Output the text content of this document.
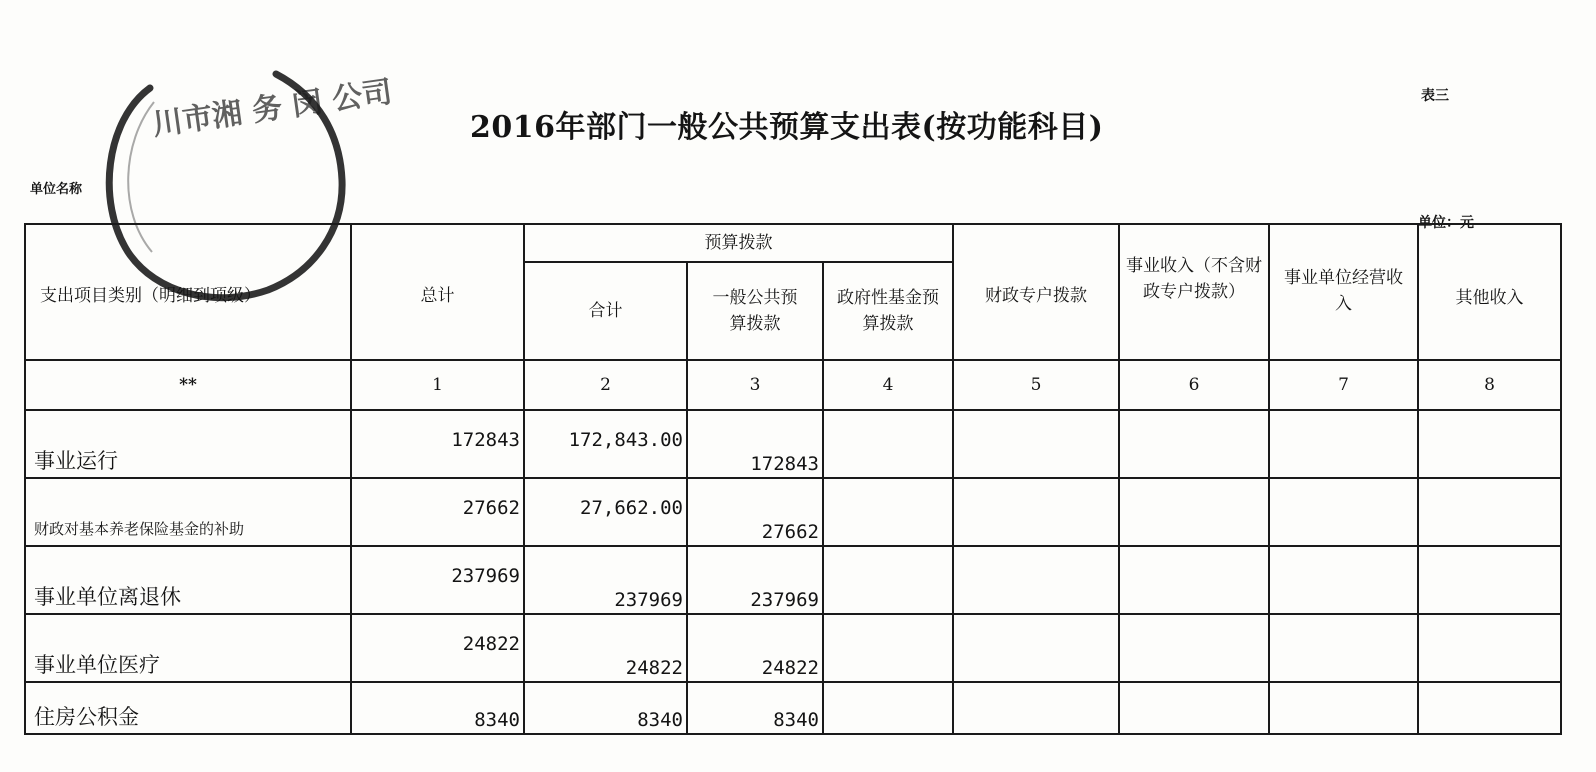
2016年部门一般公共预算支出表(按功能科目)
表三
单位名称
单位：元
川市湘 务 闵 公司
支出项目类别（明细到项级）	总计	预算拨款			财政专户拨款	事业收入（不含财政专户拨款）	事业单位经营收入	其他收入
		合计	一般公共预算拨款	政府性基金预算拨款				
**	1	2	3	4	5	6	7	8
事业运行	172843	172,843.00	172843					
财政对基本养老保险基金的补助	27662	27,662.00	27662					
事业单位离退休	237969	237969	237969					
事业单位医疗	24822	24822	24822					
住房公积金	8340	8340	8340					
